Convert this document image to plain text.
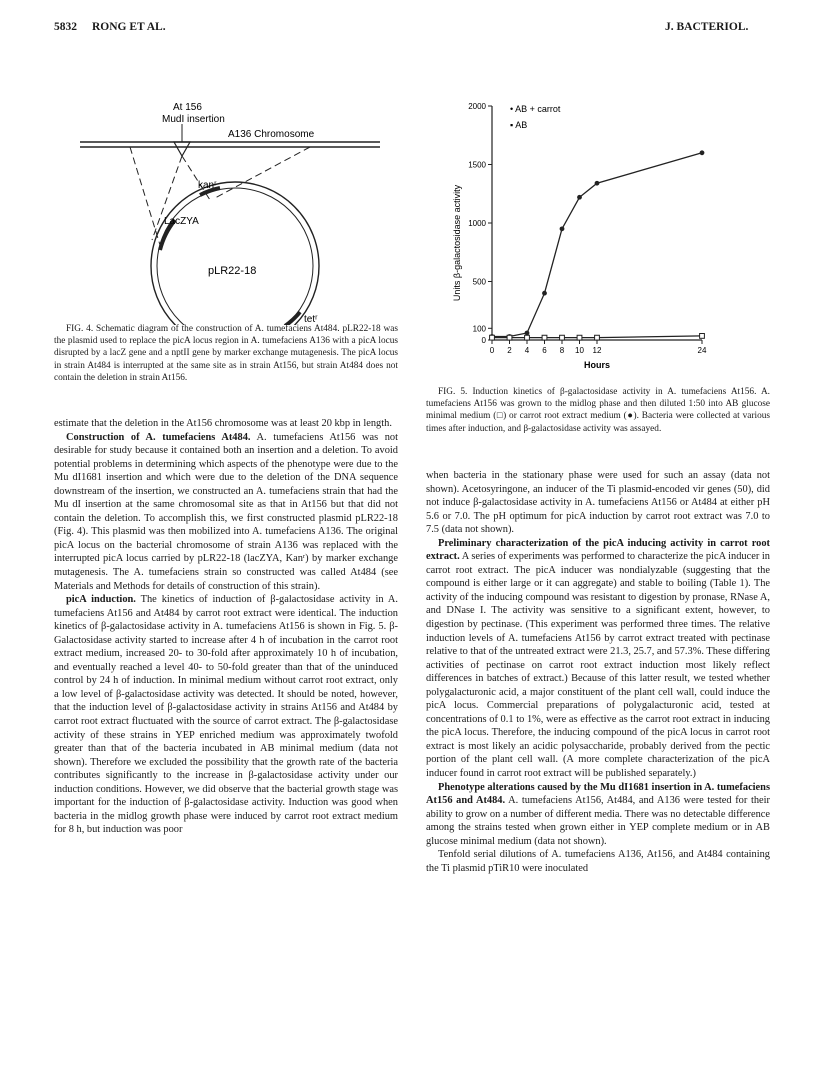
5832 RONG ET AL.	J. BACTERIOL.
A136 Chromosome
At 156
MudI insertion
kanʳ
LacZYA
pLR22-18
tetʳ

FIG. 4. Schematic diagram of the construction of A. tumefaciens At484. pLR22-18 was the plasmid used to replace the picA locus region in A. tumefaciens A136 with a picA locus disrupted by a lacZ gene and a nptII gene by marker exchange mutagenesis. The picA locus in strain At484 is interrupted at the same site as in strain At156, but strain At484 does not contain the deletion in strain At156.

estimate that the deletion in the At156 chromosome was at least 20 kbp in length.

Construction of A. tumefaciens At484. A. tumefaciens At156 was not desirable for study because it contained both an insertion and a deletion. To avoid potential problems in determining which aspects of the phenotype were due to the Mu dI1681 insertion and which were due to the deletion of the DNA sequence downstream of the insertion, we constructed an A. tumefaciens strain that had the Mu dI insertion at the same chromosomal site as that in At156 but that did not contain the deletion. To accomplish this, we first constructed plasmid pLR22-18 (Fig. 4). This plasmid was then mobilized into A. tumefaciens A136. The original picA locus on the bacterial chromosome of strain A136 was replaced with the interrupted picA locus carried by pLR22-18 (lacZYA, Kanʳ) by marker exchange mutagenesis. The A. tumefaciens strain so constructed was called At484 (see Materials and Methods for details of construction of this strain).

picA induction. The kinetics of induction of β-galactosidase activity in A. tumefaciens At156 and At484 by carrot root extract were identical. The induction kinetics of β-galactosidase activity in A. tumefaciens At156 is shown in Fig. 5. β-Galactosidase activity started to increase after 4 h of incubation in the carrot root extract medium, increased 20- to 30-fold after approximately 10 h of incubation, and eventually reached a level 40- to 50-fold greater than that of the uninduced control by 24 h of induction. In minimal medium without carrot root extract, only a low level of β-galactosidase activity was detected. It should be noted, however, that the induction level of β-galactosidase activity in strains At156 and At484 by carrot root extract fluctuated with the source of carrot extract. The β-galactosidase activity of these strains in YEP enriched medium was approximately twofold greater than that of the bacteria incubated in AB minimal medium (data not shown). Therefore we excluded the possibility that the growth rate of the bacteria contributes significantly to the increase in β-galactosidase activity under our induction conditions. However, we did observe that the bacterial growth stage was important for the induction of β-galactosidase activity. Induction was good when bacteria in the midlog growth phase were induced by carrot root extract medium for 8 h, but induction was poor

0
100
500
1000
1500
2000
0 2 4 6 8 10 12	24
Hours
Units β-galactosidase activity
• AB + carrot
▪ AB

FIG. 5. Induction kinetics of β-galactosidase activity in A. tumefaciens At156. A. tumefaciens At156 was grown to the midlog phase and then diluted 1:50 into AB glucose minimal medium (□) or carrot root extract medium (●). Bacteria were collected at various times after induction, and β-galactosidase activity was assayed.

when bacteria in the stationary phase were used for such an assay (data not shown). Acetosyringone, an inducer of the Ti plasmid-encoded vir genes (50), did not induce β-galactosidase activity in A. tumefaciens At156 or At484 at either pH 5.6 or 7.0. The pH optimum for picA induction by carrot root extract was 7.0 to 7.5 (data not shown).

Preliminary characterization of the picA inducing activity in carrot root extract. A series of experiments was performed to characterize the picA inducer in carrot root extract. The picA inducer was nondialyzable (suggesting that the compound is either large or it can aggregate) and stable to boiling (Table 1). The activity of the inducing compound was resistant to digestion by pronase, RNase A, and DNase I. The activity was sensitive to a significant extent, however, to digestion by pectinase. (This experiment was performed three times. The relative induction levels of A. tumefaciens At156 by carrot extract treated with pectinase relative to that of the untreated extract were 21.3, 25.7, and 57.3%. These differing activities of pectinase on carrot root extract induction most likely reflect differences in batches of extract.) Because of this latter result, we tested whether polygalacturonic acid, a major constituent of the plant cell wall, could induce the picA locus. Commercial preparations of polygalacturonic acid, tested at concentrations of 0.1 to 1%, were as effective as the carrot root extract in inducing the picA locus. Therefore, the inducing compound of the picA locus in carrot root extract is most likely an acidic polysaccharide, probably derived from the pectic portion of the plant cell wall. (A more complete characterization of the picA inducer found in carrot root extract will be published separately.)

Phenotype alterations caused by the Mu dI1681 insertion in A. tumefaciens At156 and At484. A. tumefaciens At156, At484, and A136 were tested for their ability to grow on a number of different media. There was no detectable difference among the strains tested when grown either in YEP complete medium or in AB glucose minimal medium (data not shown).

Tenfold serial dilutions of A. tumefaciens A136, At156, and At484 containing the Ti plasmid pTiR10 were inoculated
